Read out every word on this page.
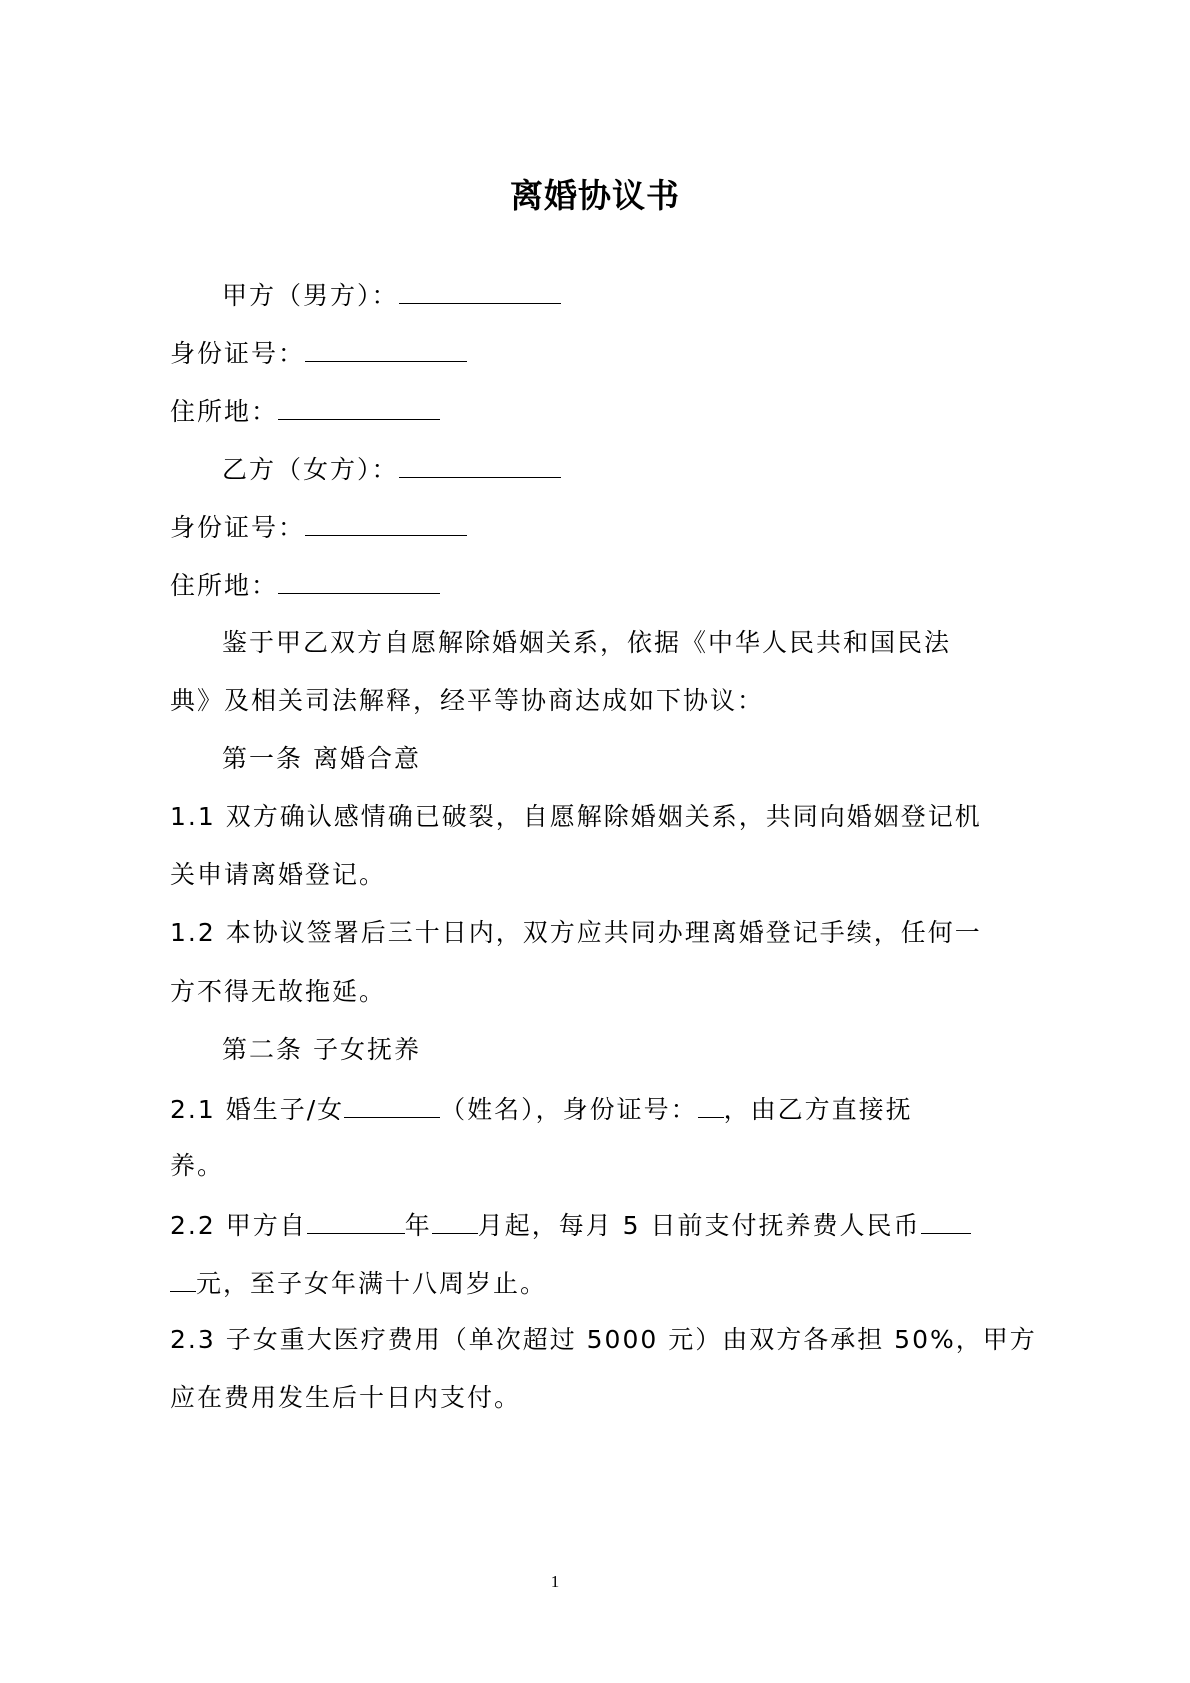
离婚协议书
甲方（男方）：
身份证号：
住所地：
乙方（女方）：
身份证号：
住所地：
鉴于甲乙双方自愿解除婚姻关系，依据《中华人民共和国民法
典》及相关司法解释，经平等协商达成如下协议：
第一条 离婚合意
1.1 双方确认感情确已破裂，自愿解除婚姻关系，共同向婚姻登记机
关申请离婚登记。
1.2 本协议签署后三十日内，双方应共同办理离婚登记手续，任何一
方不得无故拖延。
第二条 子女抚养
2.1 婚生子/女	（姓名），身份证号： ，由乙方直接抚
养。
2.2 甲方自	年 月起，每月 5 日前支付抚养费人民币
元，至子女年满十八周岁止。
2.3 子女重大医疗费用（单次超过 5000 元）由双方各承担 50%，甲方
应在费用发生后十日内支付。
1
